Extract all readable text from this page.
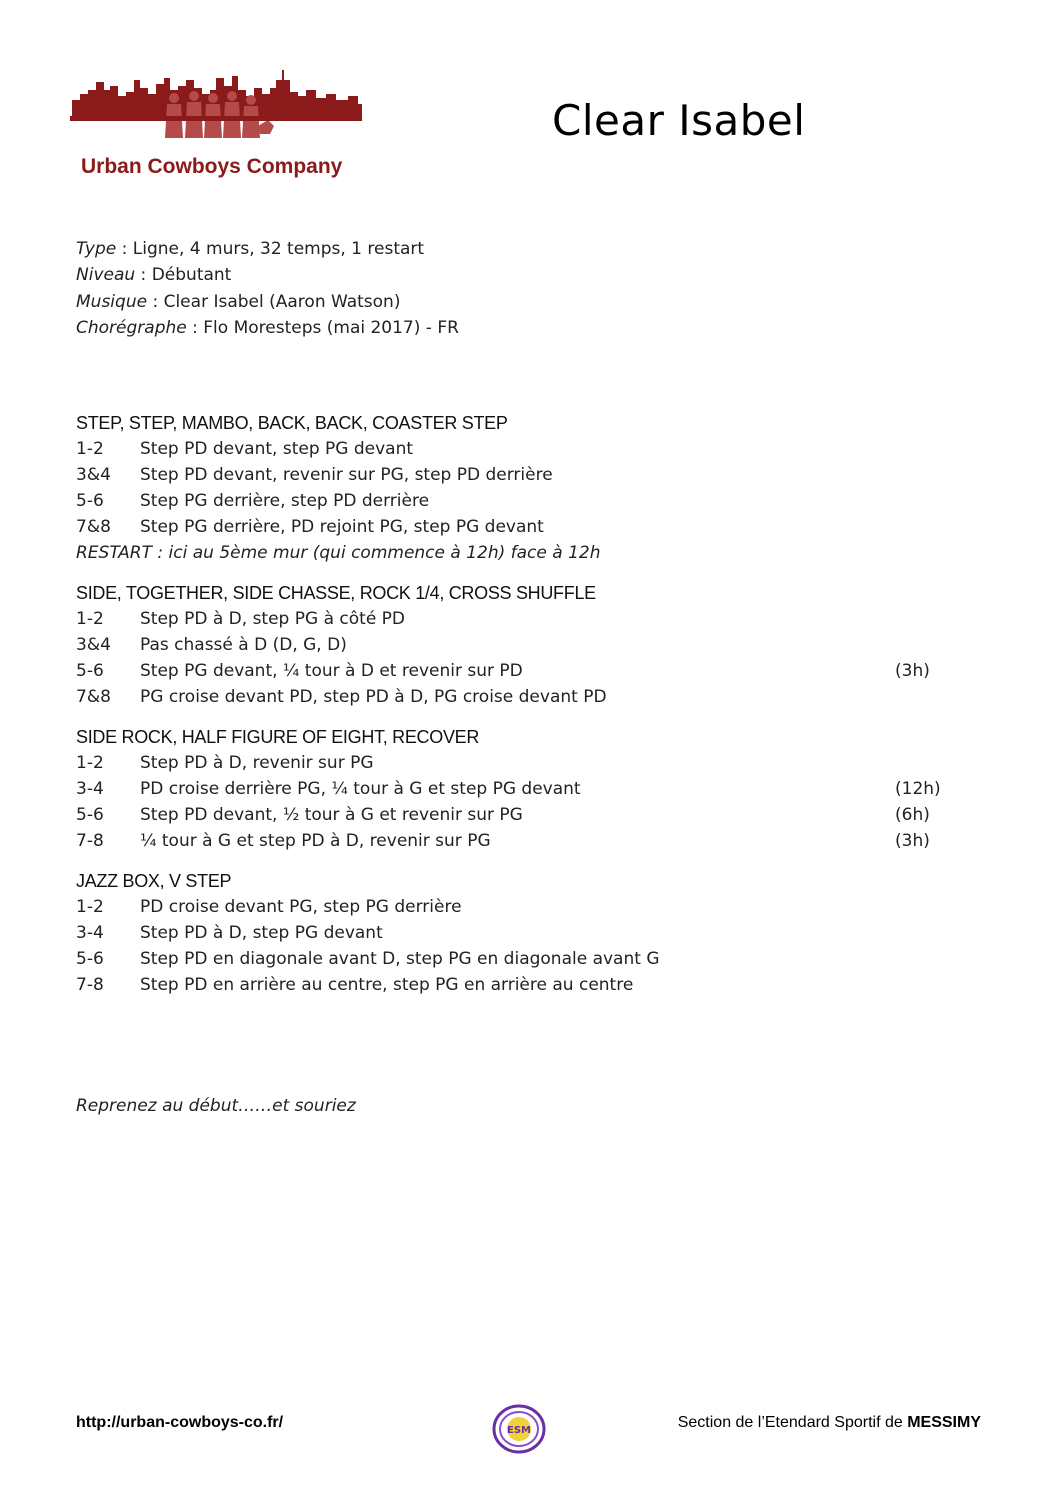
Urban Cowboys Company
Clear Isabel
Type : Ligne, 4 murs, 32 temps, 1 restart
Niveau : Débutant
Musique : Clear Isabel (Aaron Watson)
Chorégraphe : Flo Moresteps (mai 2017) - FR
STEP, STEP, MAMBO, BACK, BACK, COASTER STEP
1-2 Step PD devant, step PG devant
3&4 Step PD devant, revenir sur PG, step PD derrière
5-6 Step PG derrière, step PD derrière
7&8 Step PG derrière, PD rejoint PG, step PG devant
RESTART : ici au 5ème mur (qui commence à 12h) face à 12h
SIDE, TOGETHER, SIDE CHASSE, ROCK 1/4, CROSS SHUFFLE
1-2 Step PD à D, step PG à côté PD
3&4 Pas chassé à D (D, G, D)
5-6 Step PG devant, ¼ tour à D et revenir sur PD	(3h)
7&8 PG croise devant PD, step PD à D, PG croise devant PD
SIDE ROCK, HALF FIGURE OF EIGHT, RECOVER
1-2 Step PD à D, revenir sur PG
3-4 PD croise derrière PG, ¼ tour à G et step PG devant	(12h)
5-6 Step PD devant, ½ tour à G et revenir sur PG	(6h)
7-8 ¼ tour à G et step PD à D, revenir sur PG	(3h)
JAZZ BOX, V STEP
1-2 PD croise devant PG, step PG derrière
3-4 Step PD à D, step PG devant
5-6 Step PD en diagonale avant D, step PG en diagonale avant G
7-8 Step PD en arrière au centre, step PG en arrière au centre
Reprenez au début……et souriez
http://urban-cowboys-co.fr/	ESM	Section de l’Etendard Sportif de MESSIMY
